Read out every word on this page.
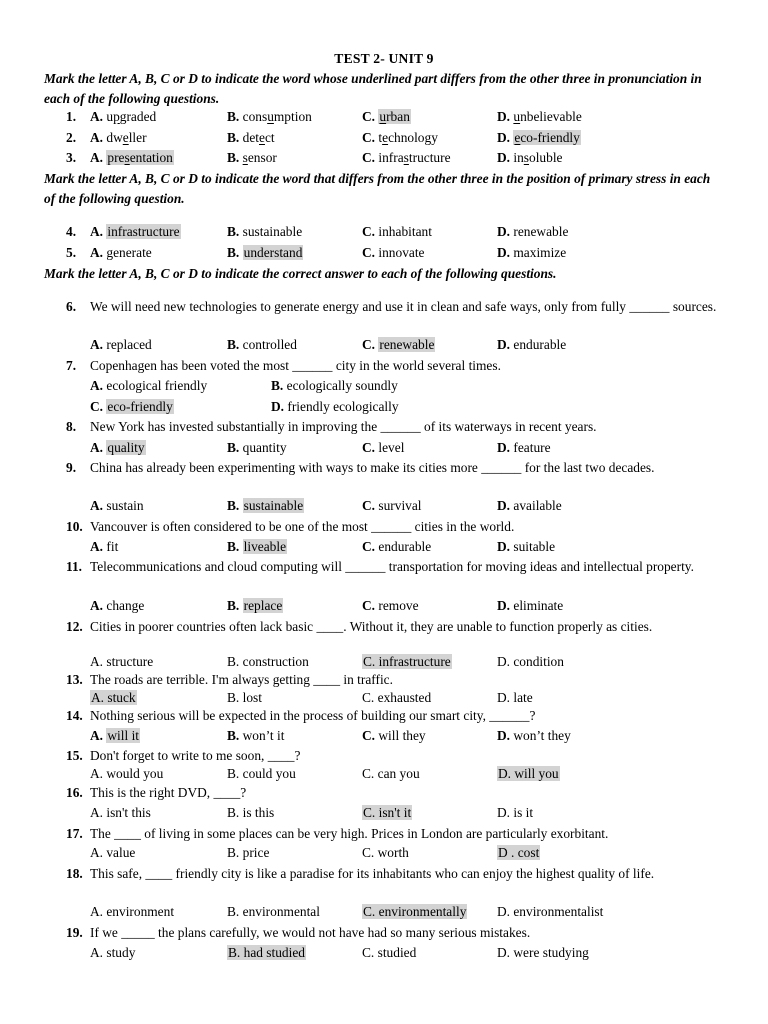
TEST 2- UNIT 9
Mark the letter A, B, C or D to indicate the word whose underlined part differs from the other three in pronunciation in each of the following questions.
1.	A. upgraded	B. consumption	C. urban	D. unbelievable
2.	A. dweller	B. detect	C. technology	D. eco-friendly
3.	A. presentation	B. sensor	C. infrastructure	D. insoluble
Mark the letter A, B, C or D to indicate the word that differs from the other three in the position of primary stress in each of the following question.
4.	A. infrastructure	B. sustainable	C. inhabitant	D. renewable
5.	A. generate	B. understand	C. innovate	D. maximize
Mark the letter A, B, C or D to indicate the correct answer to each of the following questions.
6.	We will need new technologies to generate energy and use it in clean and safe ways, only from fully ______ sources.
A. replaced	B. controlled	C. renewable	D. endurable
7.	Copenhagen has been voted the most ______ city in the world several times.
A. ecological friendly	B. ecologically soundly
C. eco-friendly	D. friendly ecologically
8.	New York has invested substantially in improving the ______ of its waterways in recent years.
A. quality	B. quantity	C. level	D. feature
9.	China has already been experimenting with ways to make its cities more ______ for the last two decades.
A. sustain	B. sustainable	C. survival	D. available
10. Vancouver is often considered to be one of the most ______ cities in the world.
A. fit	B. liveable	C. endurable	D. suitable
11. Telecommunications and cloud computing will ______ transportation for moving ideas and intellectual property.
A. change	B. replace	C. remove	D. eliminate
12. Cities in poorer countries often lack basic ____. Without it, they are unable to function properly as cities.
A. structure	B. construction	C. infrastructure	D. condition
13. The roads are terrible. I'm always getting ____ in traffic.
A. stuck	B. lost	C. exhausted	D. late
14. Nothing serious will be expected in the process of building our smart city, ______?
A. will it	B. won’t it	C. will they	D. won’t they
15. Don't forget to write to me soon, ____?
A. would you	B. could you	C. can you	D. will you
16. This is the right DVD, ____?
A. isn't this	B. is this	C. isn't it	D. is it
17. The ____ of living in some places can be very high. Prices in London are particularly exorbitant.
A. value	B. price	C. worth	D . cost
18. This safe, ____ friendly city is like a paradise for its inhabitants who can enjoy the highest quality of life.
A. environment	B. environmental	C. environmentally D. environmentalist
19. If we _____ the plans carefully, we would not have had so many serious mistakes.
A. study	B. had studied	C. studied	D. were studying
